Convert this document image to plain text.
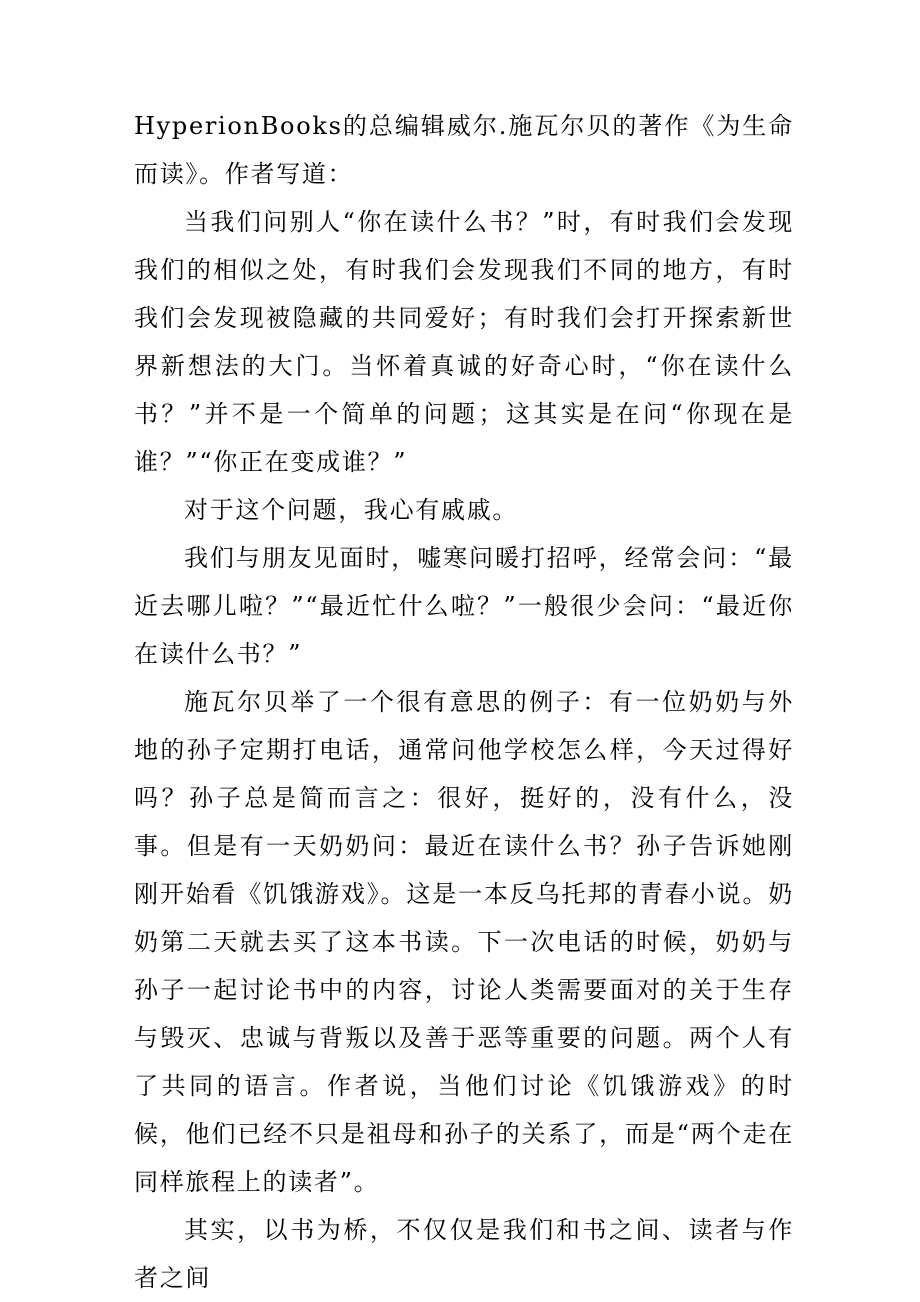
HyperionBooks的总编辑威尔.施瓦尔贝的著作《为生命而读》。作者写道：

当我们问别人“你在读什么书？”时，有时我们会发现我们的相似之处，有时我们会发现我们不同的地方，有时我们会发现被隐藏的共同爱好；有时我们会打开探索新世界新想法的大门。当怀着真诚的好奇心时，“你在读什么书？”并不是一个简单的问题；这其实是在问“你现在是谁？”“你正在变成谁？”

对于这个问题，我心有戚戚。

我们与朋友见面时，嘘寒问暖打招呼，经常会问：“最近去哪儿啦？”“最近忙什么啦？”一般很少会问：“最近你在读什么书？”

施瓦尔贝举了一个很有意思的例子：有一位奶奶与外地的孙子定期打电话，通常问他学校怎么样，今天过得好吗？孙子总是简而言之：很好，挺好的，没有什么，没事。但是有一天奶奶问：最近在读什么书？孙子告诉她刚刚开始看《饥饿游戏》。这是一本反乌托邦的青春小说。奶奶第二天就去买了这本书读。下一次电话的时候，奶奶与孙子一起讨论书中的内容，讨论人类需要面对的关于生存与毁灭、忠诚与背叛以及善于恶等重要的问题。两个人有了共同的语言。作者说，当他们讨论《饥饿游戏》的时候，他们已经不只是祖母和孙子的关系了，而是“两个走在同样旅程上的读者”。

其实，以书为桥，不仅仅是我们和书之间、读者与作者之间
